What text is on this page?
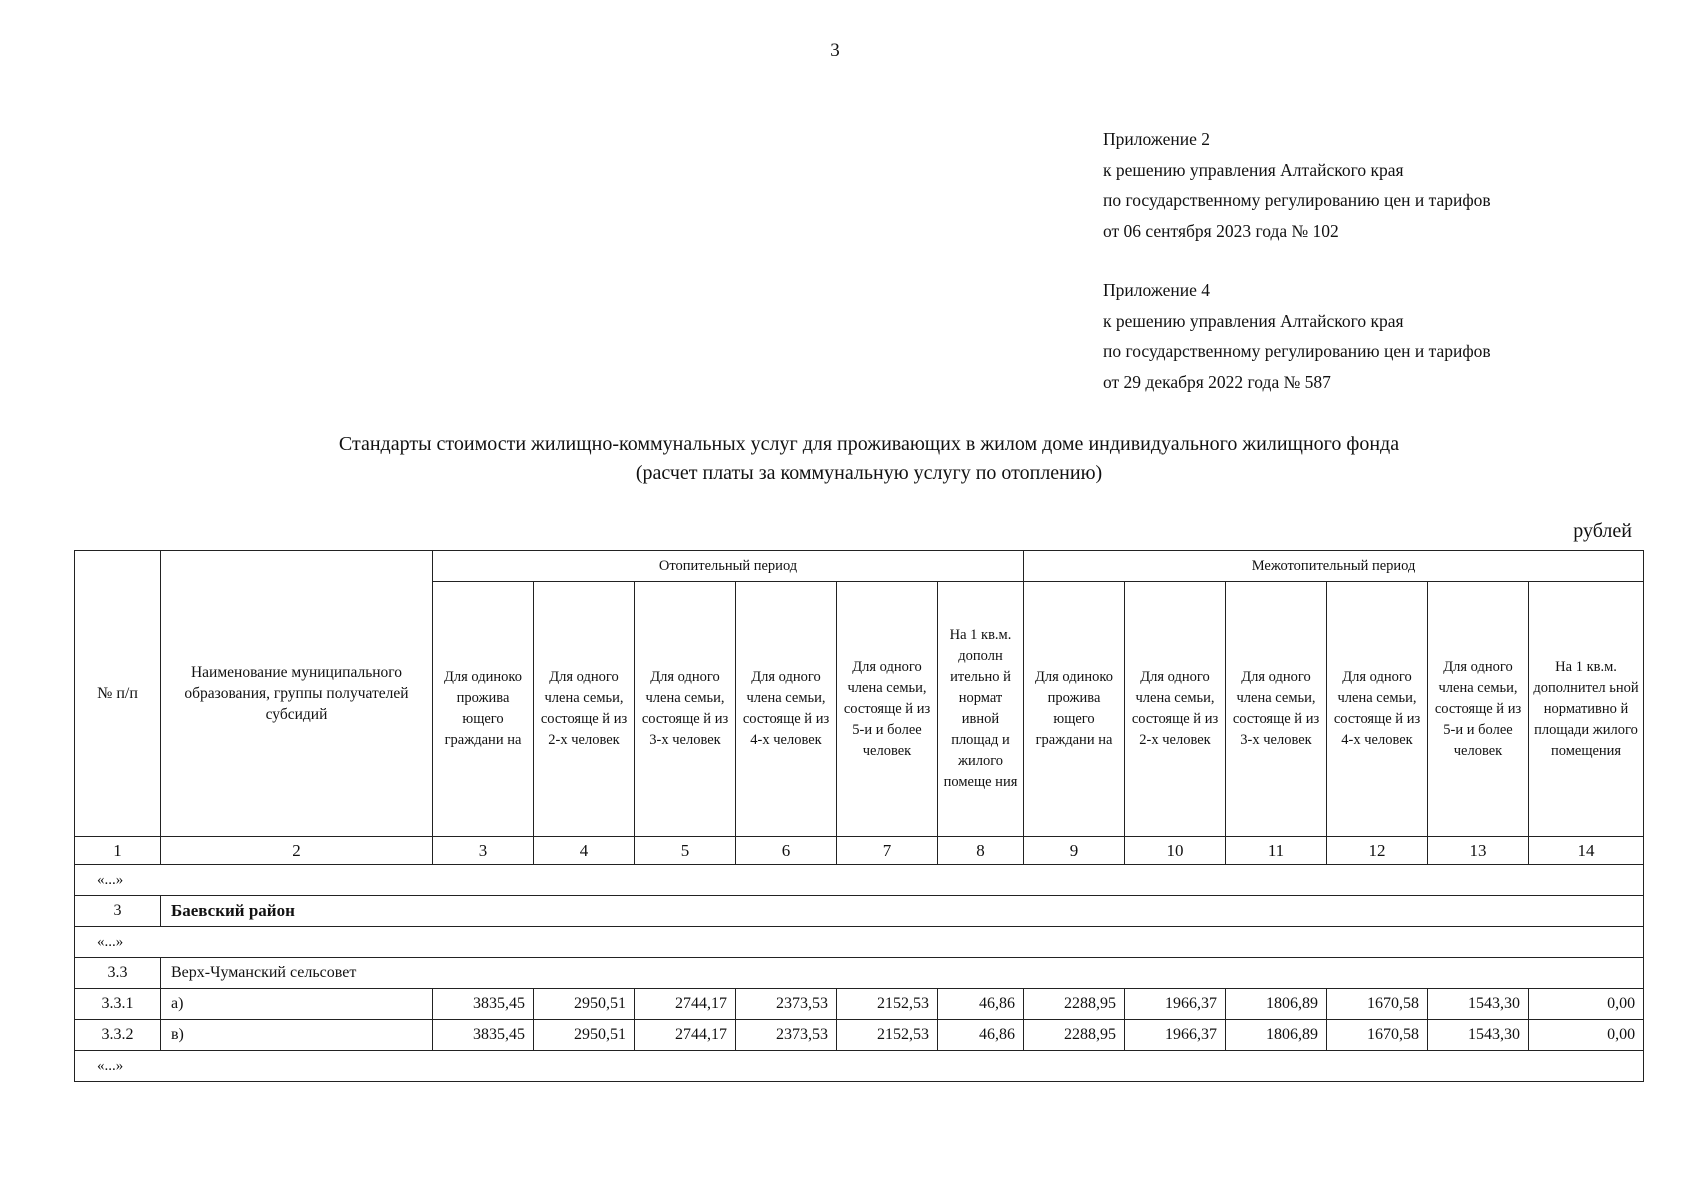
3
Приложение 2
к решению управления Алтайского края
по государственному регулированию цен и тарифов
от 06 сентября 2023 года № 102
Приложение 4
к решению управления Алтайского края
по государственному регулированию цен и тарифов
от 29 декабря 2022 года № 587
Стандарты стоимости жилищно-коммунальных услуг для проживающих в жилом доме индивидуального жилищного фонда
(расчет платы за коммунальную услугу по отоплению)
рублей
№ п/п	Наименование муниципального образования, группы получателей субсидий	Отопительный период						Межотопительный период					
		Для одиноко прожива ющего граждани на	Для одного члена семьи, состояще й из 2-х человек	Для одного члена семьи, состояще й из 3-х человек	Для одного члена семьи, состояще й из 4-х человек	Для одного члена семьи, состояще й из 5-и и более человек	На 1 кв.м. дополн ительно й нормат ивной площад и жилого помеще ния	Для одиноко прожива ющего граждани на	Для одного члена семьи, состояще й из 2-х человек	Для одного члена семьи, состояще й из 3-х человек	Для одного члена семьи, состояще й из 4-х человек	Для одного члена семьи, состояще й из 5-и и более человек	На 1 кв.м. дополнител ьной нормативно й площади жилого помещения
1	2	3	4	5	6	7	8	9	10	11	12	13	14
«...»													
3	Баевский район												
«...»													
3.3	Верх-Чуманский сельсовет												
3.3.1	а)	3835,45	2950,51	2744,17	2373,53	2152,53	46,86	2288,95	1966,37	1806,89	1670,58	1543,30	0,00
3.3.2	в)	3835,45	2950,51	2744,17	2373,53	2152,53	46,86	2288,95	1966,37	1806,89	1670,58	1543,30	0,00
«...»													
